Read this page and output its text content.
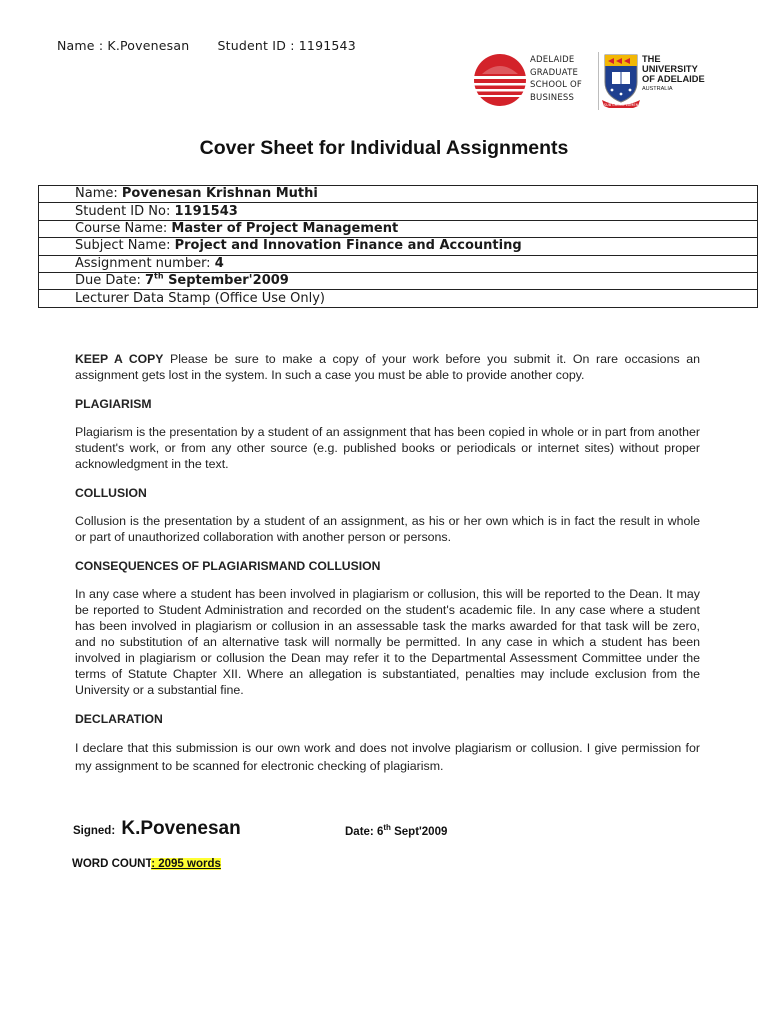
Name : K.Povenesan Student ID : 1191543
ADELAIDE
GRADUATE
SCHOOL OF
BUSINESS
SUB CRUCE LUMEN
THE UNIVERSITY
OF ADELAIDE
AUSTRALIA
Cover Sheet for Individual Assignments
Name: Povenesan Krishnan Muthi
Student ID No: 1191543
Course Name: Master of Project Management
Subject Name: Project and Innovation Finance and Accounting
Assignment number: 4
Due Date: 7th September'2009
Lecturer Data Stamp (Office Use Only)

KEEP A COPY Please be sure to make a copy of your work before you submit it. On rare occasions an assignment gets lost in the system. In such a case you must be able to provide another copy.

PLAGIARISM

Plagiarism is the presentation by a student of an assignment that has been copied in whole or in part from another student's work, or from any other source (e.g. published books or periodicals or internet sites) without proper acknowledgment in the text.

COLLUSION

Collusion is the presentation by a student of an assignment, as his or her own which is in fact the result in whole or part of unauthorized collaboration with another person or persons.

CONSEQUENCES OF PLAGIARISMAND COLLUSION

In any case where a student has been involved in plagiarism or collusion, this will be reported to the Dean. It may be reported to Student Administration and recorded on the student's academic file. In any case where a student has been involved in plagiarism or collusion in an assessable task the marks awarded for that task will be zero, and no substitution of an alternative task will normally be permitted. In any case in which a student has been involved in plagiarism or collusion the Dean may refer it to the Departmental Assessment Committee under the terms of Statute Chapter XII. Where an allegation is substantiated, penalties may include exclusion from the University or a substantial fine.

DECLARATION

I declare that this submission is our own work and does not involve plagiarism or collusion. I give permission for my assignment to be scanned for electronic checking of plagiarism.

Signed: K.Povenesan	Date: 6th Sept'2009
WORD COUNT: 2095 words
